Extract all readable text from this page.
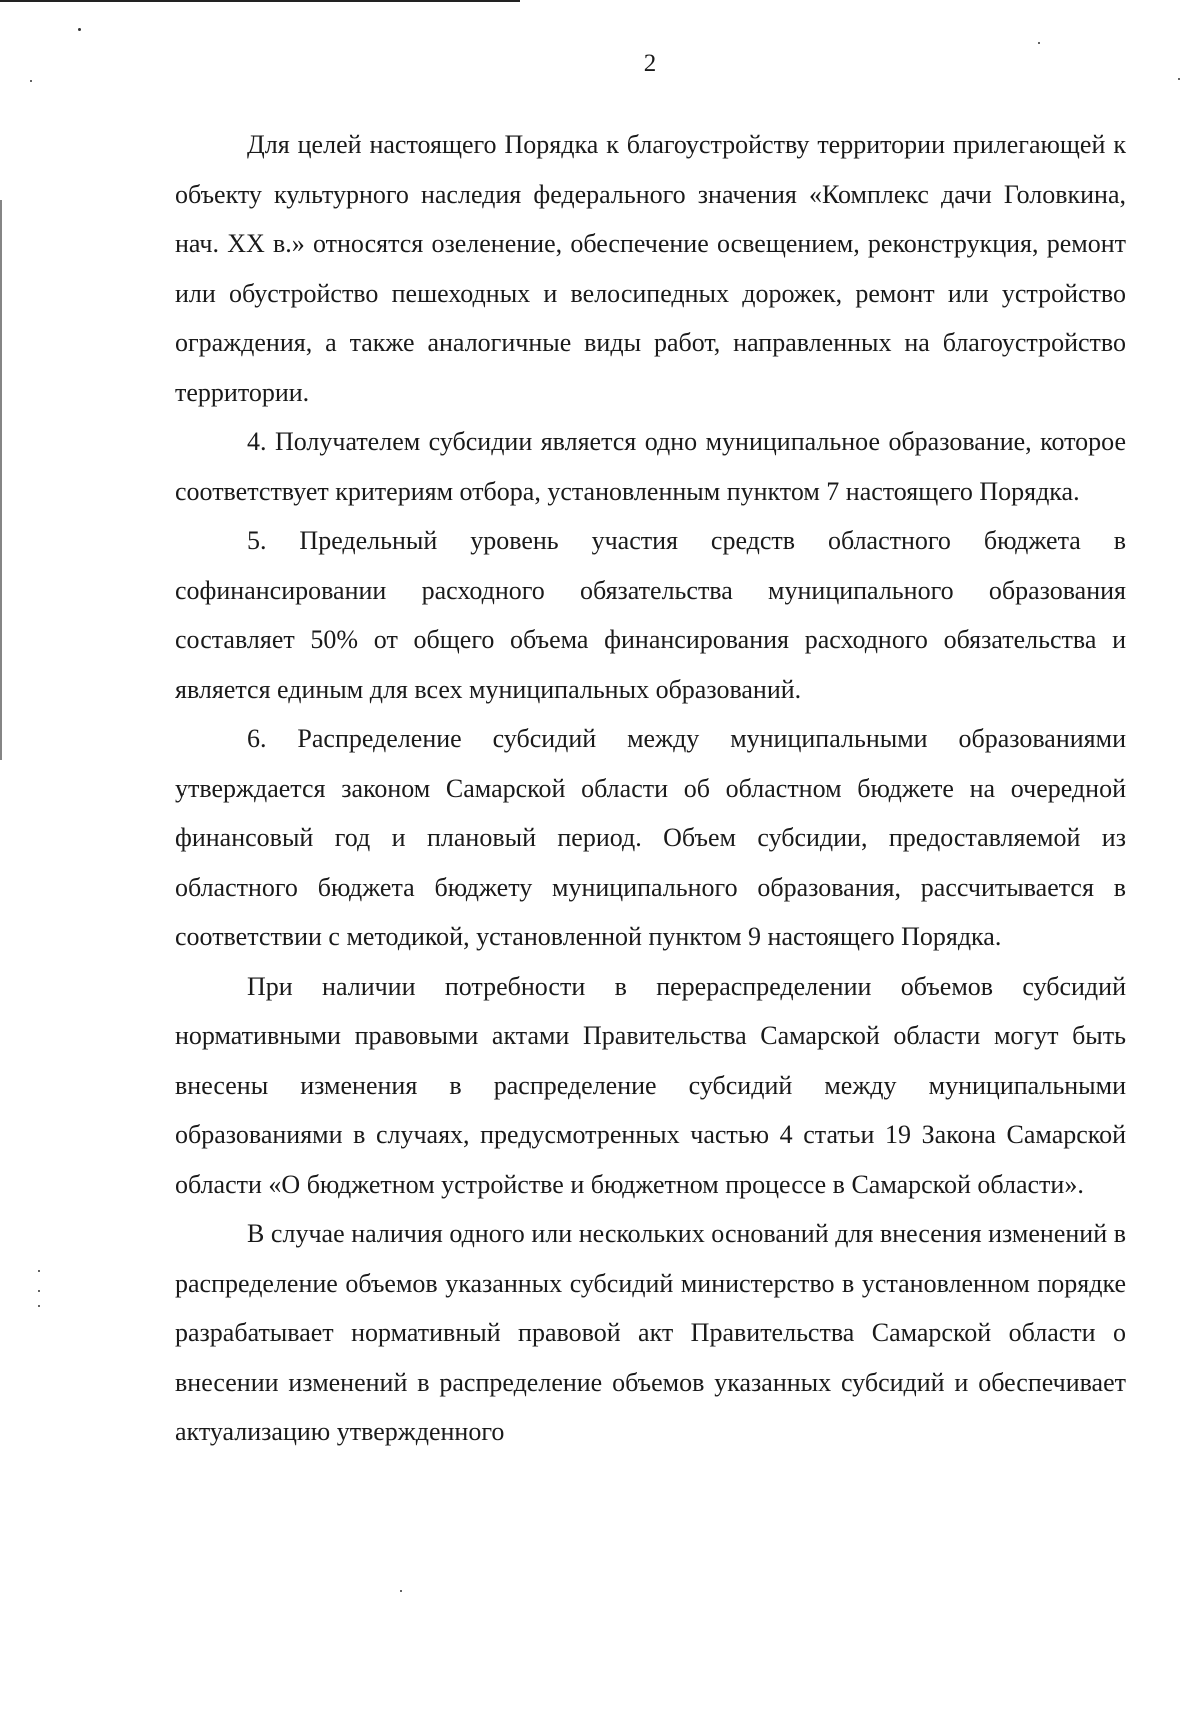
2

Для целей настоящего Порядка к благоустройству территории прилегающей к объекту культурного наследия федерального значения «Комплекс дачи Головкина, нач. XX в.» относятся озеленение, обеспечение освещением, реконструкция, ремонт или обустройство пешеходных и велосипедных дорожек, ремонт или устройство ограждения, а также аналогичные виды работ, направленных на благоустройство территории.

4. Получателем субсидии является одно муниципальное образование, которое соответствует критериям отбора, установленным пунктом 7 настоящего Порядка.

5. Предельный уровень участия средств областного бюджета в софинансировании расходного обязательства муниципального образования составляет 50% от общего объема финансирования расходного обязательства и является единым для всех муниципальных образований.

6. Распределение субсидий между муниципальными образованиями утверждается законом Самарской области об областном бюджете на очередной финансовый год и плановый период. Объем субсидии, предоставляемой из областного бюджета бюджету муниципального образования, рассчитывается в соответствии с методикой, установленной пунктом 9 настоящего Порядка.

При наличии потребности в перераспределении объемов субсидий нормативными правовыми актами Правительства Самарской области могут быть внесены изменения в распределение субсидий между муниципальными образованиями в случаях, предусмотренных частью 4 статьи 19 Закона Самарской области «О бюджетном устройстве и бюджетном процессе в Самарской области».

В случае наличия одного или нескольких оснований для внесения изменений в распределение объемов указанных субсидий министерство в установленном порядке разрабатывает нормативный правовой акт Правительства Самарской области о внесении изменений в распределение объемов указанных субсидий и обеспечивает актуализацию утвержденного
